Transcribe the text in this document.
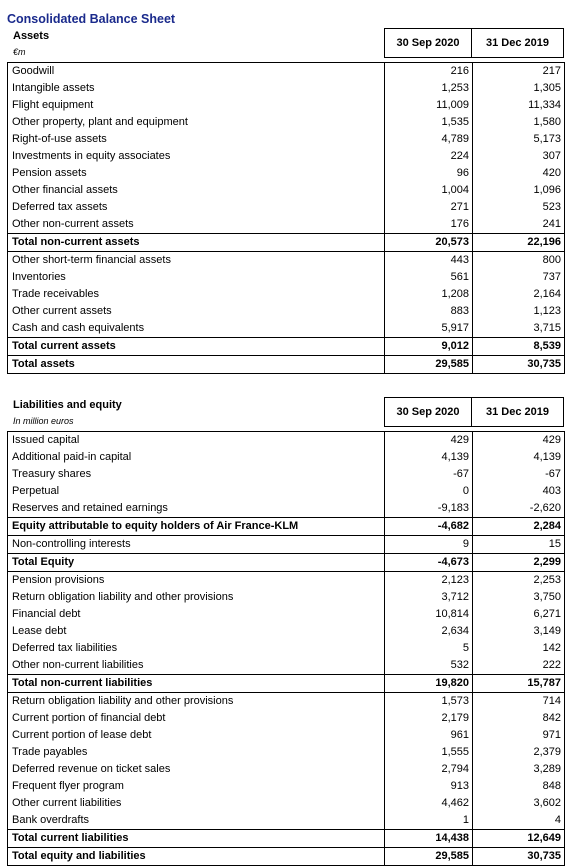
Consolidated Balance Sheet
Assets
€m
30 Sep 2020	31 Dec 2019
Goodwill	216	217
Intangible assets	1,253	1,305
Flight equipment	11,009	11,334
Other property, plant and equipment	1,535	1,580
Right-of-use assets	4,789	5,173
Investments in equity associates	224	307
Pension assets	96	420
Other financial assets	1,004	1,096
Deferred tax assets	271	523
Other non-current assets	176	241
Total non-current assets	20,573	22,196
Other short-term financial assets	443	800
Inventories	561	737
Trade receivables	1,208	2,164
Other current assets	883	1,123
Cash and cash equivalents	5,917	3,715
Total current assets	9,012	8,539
Total assets	29,585	30,735
Liabilities and equity
In million euros
30 Sep 2020	31 Dec 2019
Issued capital	429	429
Additional paid-in capital	4,139	4,139
Treasury shares	-67	-67
Perpetual	0	403
Reserves and retained earnings	-9,183	-2,620
Equity attributable to equity holders of Air France-KLM	-4,682	2,284
Non-controlling interests	9	15
Total Equity	-4,673	2,299
Pension provisions	2,123	2,253
Return obligation liability and other provisions	3,712	3,750
Financial debt	10,814	6,271
Lease debt	2,634	3,149
Deferred tax liabilities	5	142
Other non-current liabilities	532	222
Total non-current liabilities	19,820	15,787
Return obligation liability and other provisions	1,573	714
Current portion of financial debt	2,179	842
Current portion of lease debt	961	971
Trade payables	1,555	2,379
Deferred revenue on ticket sales	2,794	3,289
Frequent flyer program	913	848
Other current liabilities	4,462	3,602
Bank overdrafts	1	4
Total current liabilities	14,438	12,649
Total equity and liabilities	29,585	30,735
